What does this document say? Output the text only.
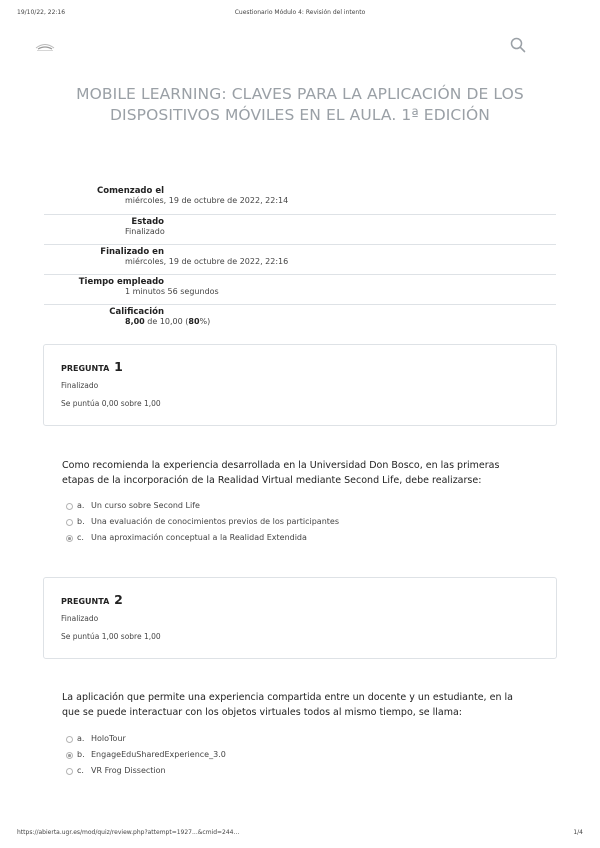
19/10/22, 22:16	Cuestionario Módulo 4: Revisión del intento
MOBILE LEARNING: CLAVES PARA LA APLICACIÓN DE LOS DISPOSITIVOS MÓVILES EN EL AULA. 1ª EDICIÓN
Comenzado el
miércoles, 19 de octubre de 2022, 22:14
Estado
Finalizado
Finalizado en
miércoles, 19 de octubre de 2022, 22:16
Tiempo empleado
1 minutos 56 segundos
Calificación
8,00 de 10,00 (80%)
PREGUNTA 1
Finalizado
Se puntúa 0,00 sobre 1,00
Como recomienda la experiencia desarrollada en la Universidad Don Bosco, en las primeras etapas de la incorporación de la Realidad Virtual mediante Second Life, debe realizarse:
a. Un curso sobre Second Life
b. Una evaluación de conocimientos previos de los participantes
c. Una aproximación conceptual a la Realidad Extendida
PREGUNTA 2
Finalizado
Se puntúa 1,00 sobre 1,00
La aplicación que permite una experiencia compartida entre un docente y un estudiante, en la que se puede interactuar con los objetos virtuales todos al mismo tiempo, se llama:
a. HoloTour
b. EngageEduSharedExperience_3.0
c. VR Frog Dissection
https://abierta.ugr.es/mod/quiz/review.php?attempt=1927...&cmid=244...	1/4
